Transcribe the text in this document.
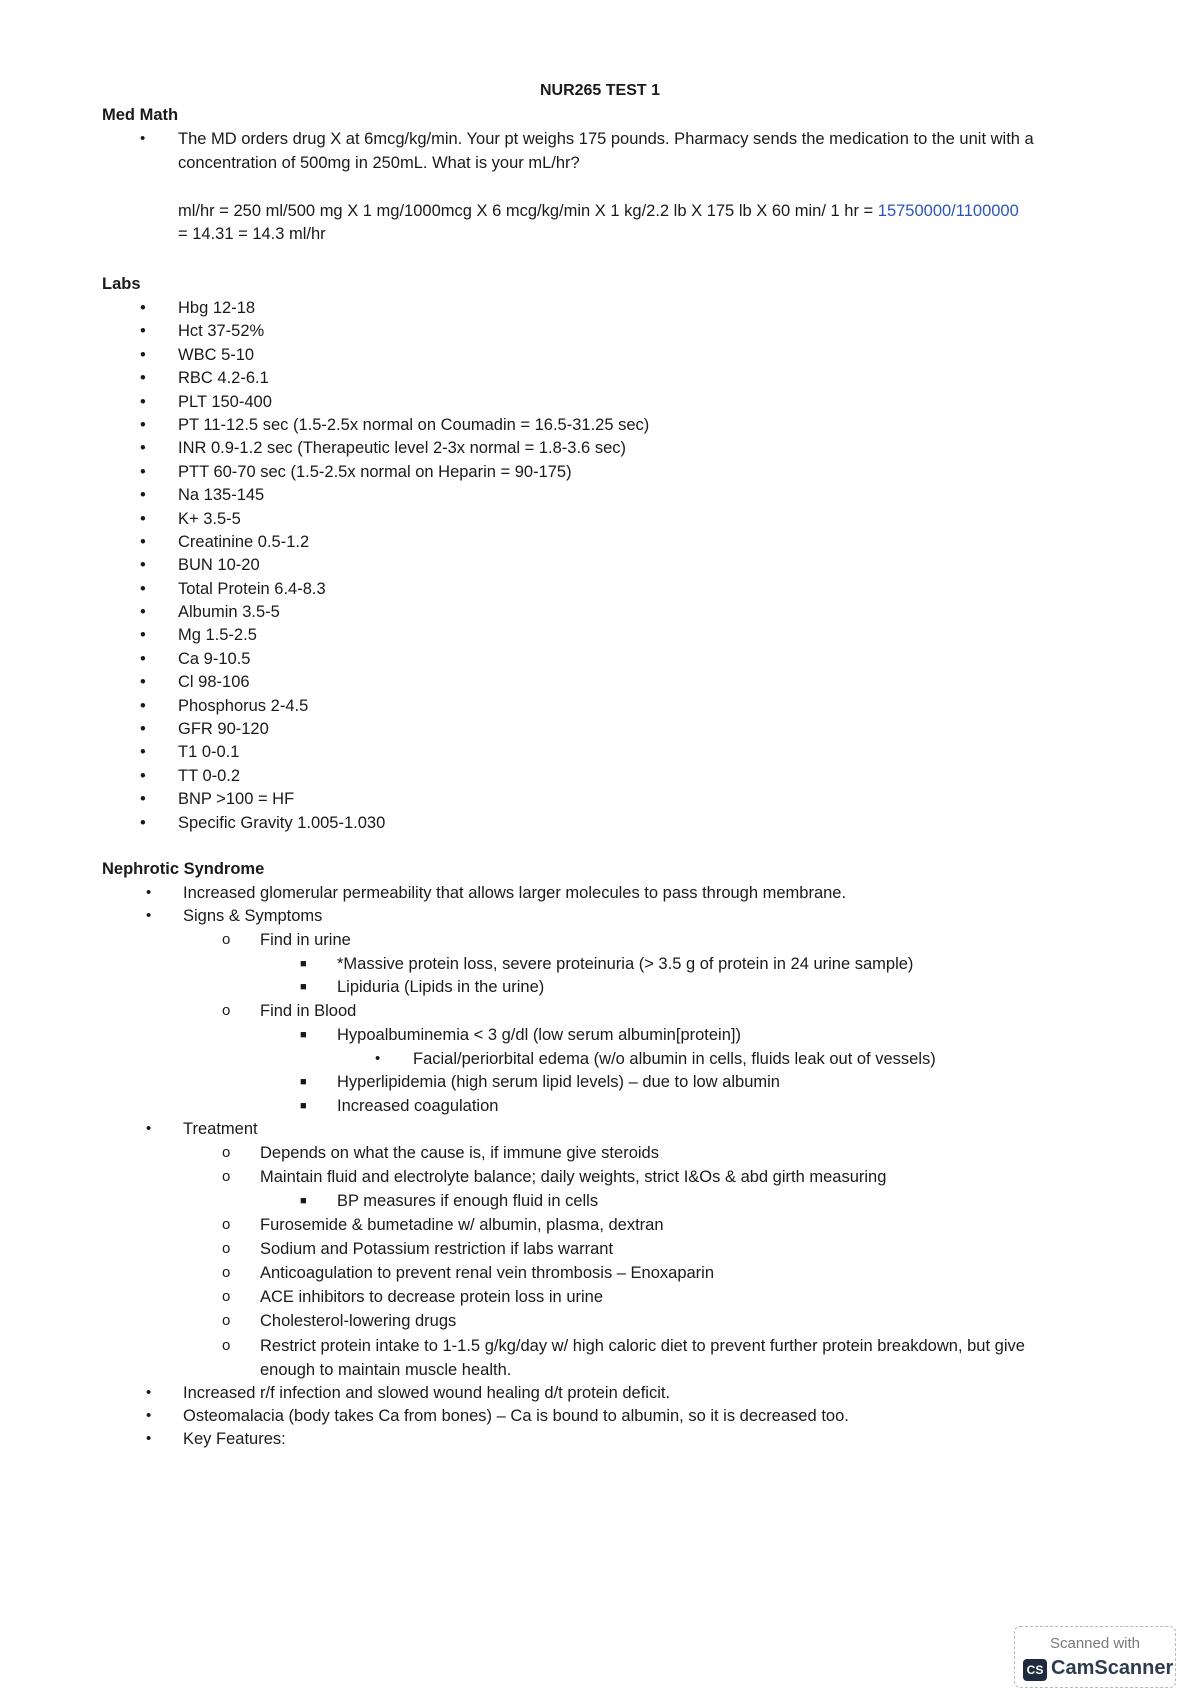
NUR265 TEST 1
Med Math
• The MD orders drug X at 6mcg/kg/min. Your pt weighs 175 pounds. Pharmacy sends the medication to the unit with a
concentration of 500mg in 250mL. What is your mL/hr?
ml/hr = 250 ml/500 mg X 1 mg/1000mcg X 6 mcg/kg/min X 1 kg/2.2 lb X 175 lb X 60 min/ 1 hr = 15750000/1100000
= 14.31 = 14.3 ml/hr
Labs
• Hbg 12-18
• Hct 37-52%
• WBC 5-10
• RBC 4.2-6.1
• PLT 150-400
• PT 11-12.5 sec (1.5-2.5x normal on Coumadin = 16.5-31.25 sec)
• INR 0.9-1.2 sec (Therapeutic level 2-3x normal = 1.8-3.6 sec)
• PTT 60-70 sec (1.5-2.5x normal on Heparin = 90-175)
• Na 135-145
• K+ 3.5-5
• Creatinine 0.5-1.2
• BUN 10-20
• Total Protein 6.4-8.3
• Albumin 3.5-5
• Mg 1.5-2.5
• Ca 9-10.5
• Cl 98-106
• Phosphorus 2-4.5
• GFR 90-120
• T1 0-0.1
• TT 0-0.2
• BNP >100 = HF
• Specific Gravity 1.005-1.030
Nephrotic Syndrome
• Increased glomerular permeability that allows larger molecules to pass through membrane.
• Signs & Symptoms
o Find in urine
■ *Massive protein loss, severe proteinuria (> 3.5 g of protein in 24 urine sample)
■ Lipiduria (Lipids in the urine)
o Find in Blood
■ Hypoalbuminemia < 3 g/dl (low serum albumin[protein])
• Facial/periorbital edema (w/o albumin in cells, fluids leak out of vessels)
■ Hyperlipidemia (high serum lipid levels) – due to low albumin
■ Increased coagulation
• Treatment
o Depends on what the cause is, if immune give steroids
o Maintain fluid and electrolyte balance; daily weights, strict I&Os & abd girth measuring
■ BP measures if enough fluid in cells
o Furosemide & bumetadine w/ albumin, plasma, dextran
o Sodium and Potassium restriction if labs warrant
o Anticoagulation to prevent renal vein thrombosis – Enoxaparin
o ACE inhibitors to decrease protein loss in urine
o Cholesterol-lowering drugs
o Restrict protein intake to 1-1.5 g/kg/day w/ high caloric diet to prevent further protein breakdown, but give
enough to maintain muscle health.
• Increased r/f infection and slowed wound healing d/t protein deficit.
• Osteomalacia (body takes Ca from bones) – Ca is bound to albumin, so it is decreased too.
• Key Features:
Scanned with
CS CamScanner
